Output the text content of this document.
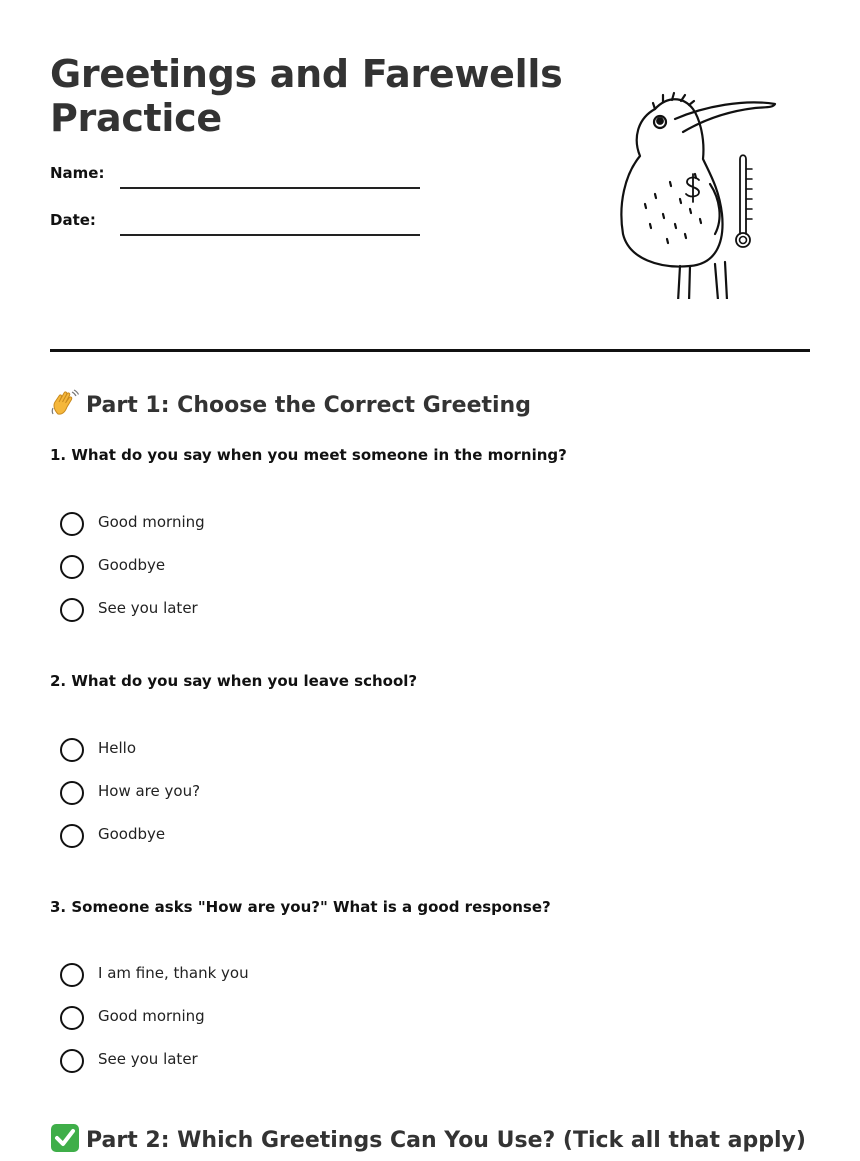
Greetings and Farewells
Practice
Name:
Date:
Part 1: Choose the Correct Greeting
1. What do you say when you meet someone in the morning?
Good morning
Goodbye
See you later
2. What do you say when you leave school?
Hello
How are you?
Goodbye
3. Someone asks "How are you?" What is a good response?
I am fine, thank you
Good morning
See you later
Part 2: Which Greetings Can You Use? (Tick all that apply)
